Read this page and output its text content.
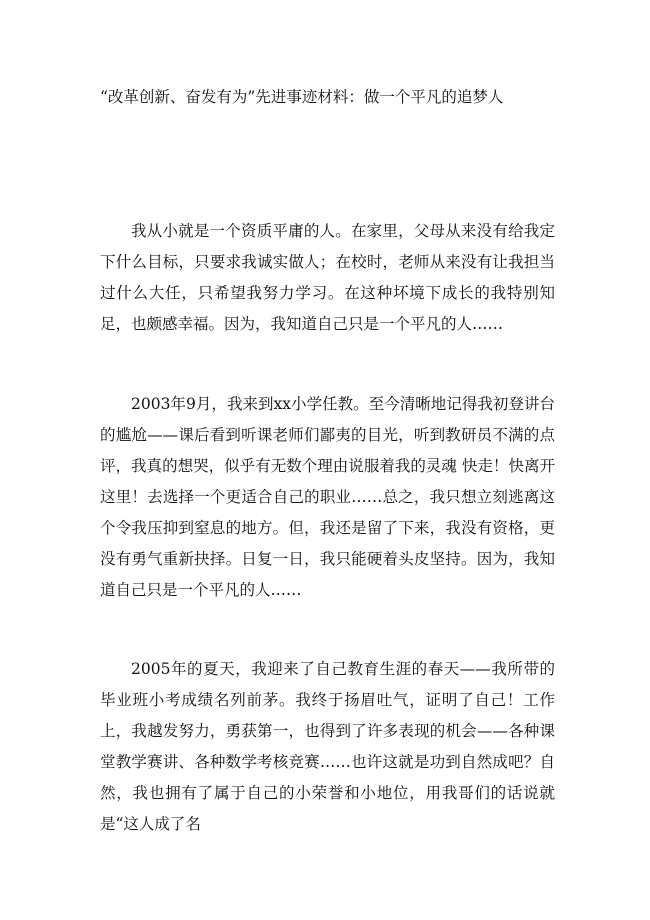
“改革创新、奋发有为”先进事迹材料：做一个平凡的追梦人

我从小就是一个资质平庸的人。在家里，父母从来没有给我定下什么目标，只要求我诚实做人；在校时，老师从来没有让我担当过什么大任，只希望我努力学习。在这种坏境下成长的我特别知足，也颇感幸福。因为，我知道自己只是一个平凡的人……

2003年9月，我来到xx小学任教。至今清晰地记得我初登讲台的尴尬——课后看到听课老师们鄙夷的目光，听到教研员不满的点评，我真的想哭，似乎有无数个理由说服着我的灵魂 快走！快离开这里！去选择一个更适合自己的职业……总之，我只想立刻逃离这个令我压抑到窒息的地方。但，我还是留了下来，我没有资格，更没有勇气重新抉择。日复一日，我只能硬着头皮坚持。因为，我知道自己只是一个平凡的人……

2005年的夏天，我迎来了自己教育生涯的春天——我所带的毕业班小考成绩名列前茅。我终于扬眉吐气，证明了自己！工作上，我越发努力，勇获第一，也得到了许多表现的机会——各种课堂教学赛讲、各种数学考核竞赛……也许这就是功到自然成吧？自然，我也拥有了属于自己的小荣誉和小地位，用我哥们的话说就是“这人成了名
